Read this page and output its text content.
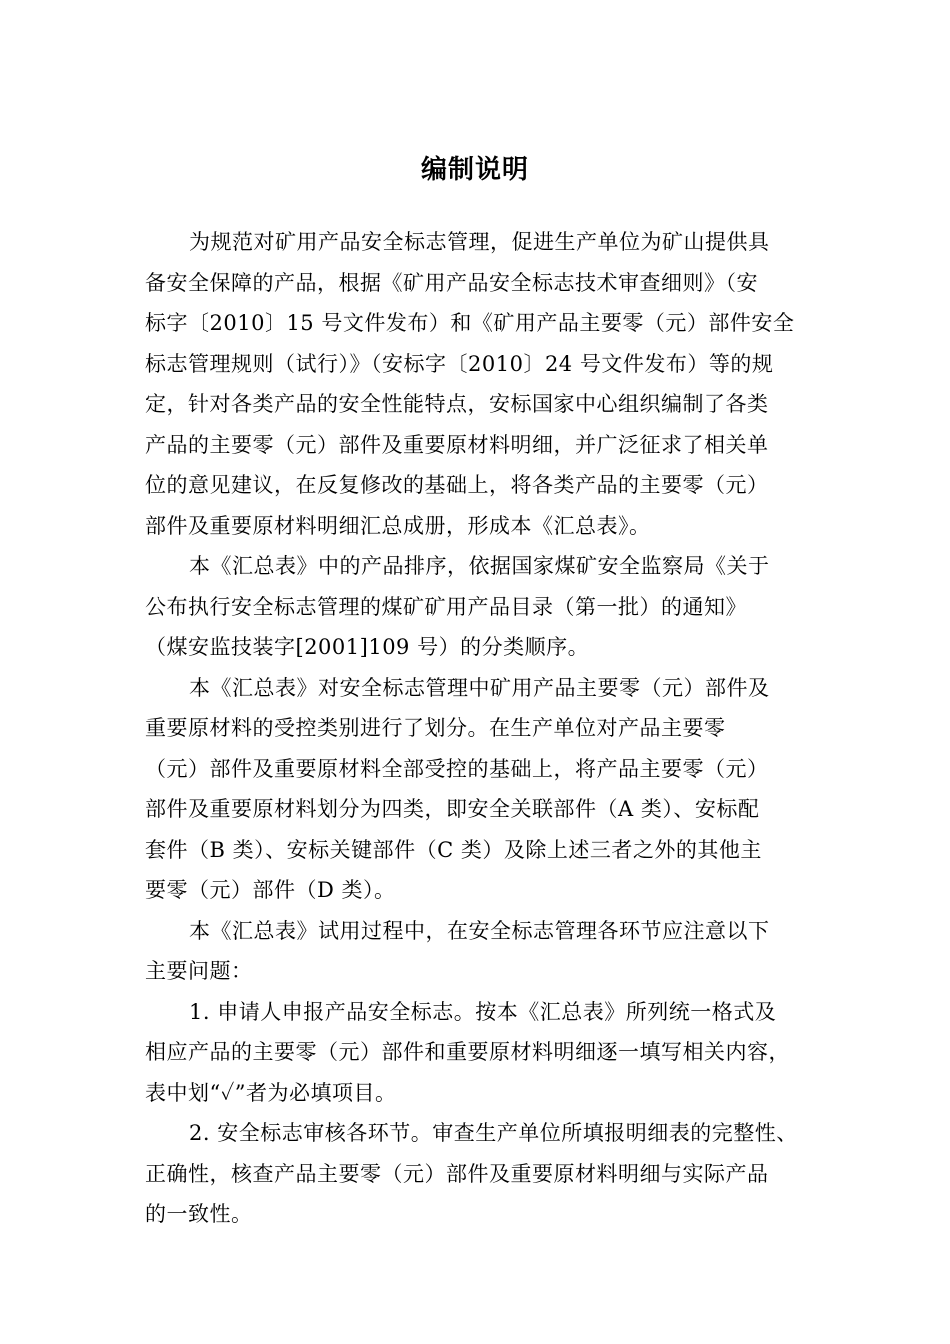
编制说明
为规范对矿用产品安全标志管理，促进生产单位为矿山提供具
备安全保障的产品，根据《矿用产品安全标志技术审查细则》（安
标字〔2010〕15 号文件发布）和《矿用产品主要零（元）部件安全
标志管理规则（试行）》（安标字〔2010〕24 号文件发布）等的规
定，针对各类产品的安全性能特点，安标国家中心组织编制了各类
产品的主要零（元）部件及重要原材料明细，并广泛征求了相关单
位的意见建议，在反复修改的基础上，将各类产品的主要零（元）
部件及重要原材料明细汇总成册，形成本《汇总表》。
本《汇总表》中的产品排序，依据国家煤矿安全监察局《关于
公布执行安全标志管理的煤矿矿用产品目录（第一批）的通知》
（煤安监技装字[2001]109 号）的分类顺序。
本《汇总表》对安全标志管理中矿用产品主要零（元）部件及
重要原材料的受控类别进行了划分。在生产单位对产品主要零
（元）部件及重要原材料全部受控的基础上，将产品主要零（元）
部件及重要原材料划分为四类，即安全关联部件（A 类）、安标配
套件（B 类）、安标关键部件（C 类）及除上述三者之外的其他主
要零（元）部件（D 类）。
本《汇总表》试用过程中，在安全标志管理各环节应注意以下
主要问题：
1. 申请人申报产品安全标志。按本《汇总表》所列统一格式及
相应产品的主要零（元）部件和重要原材料明细逐一填写相关内容，
表中划“✓”者为必填项目。
2. 安全标志审核各环节。审查生产单位所填报明细表的完整性、
正确性，核查产品主要零（元）部件及重要原材料明细与实际产品
的一致性。
